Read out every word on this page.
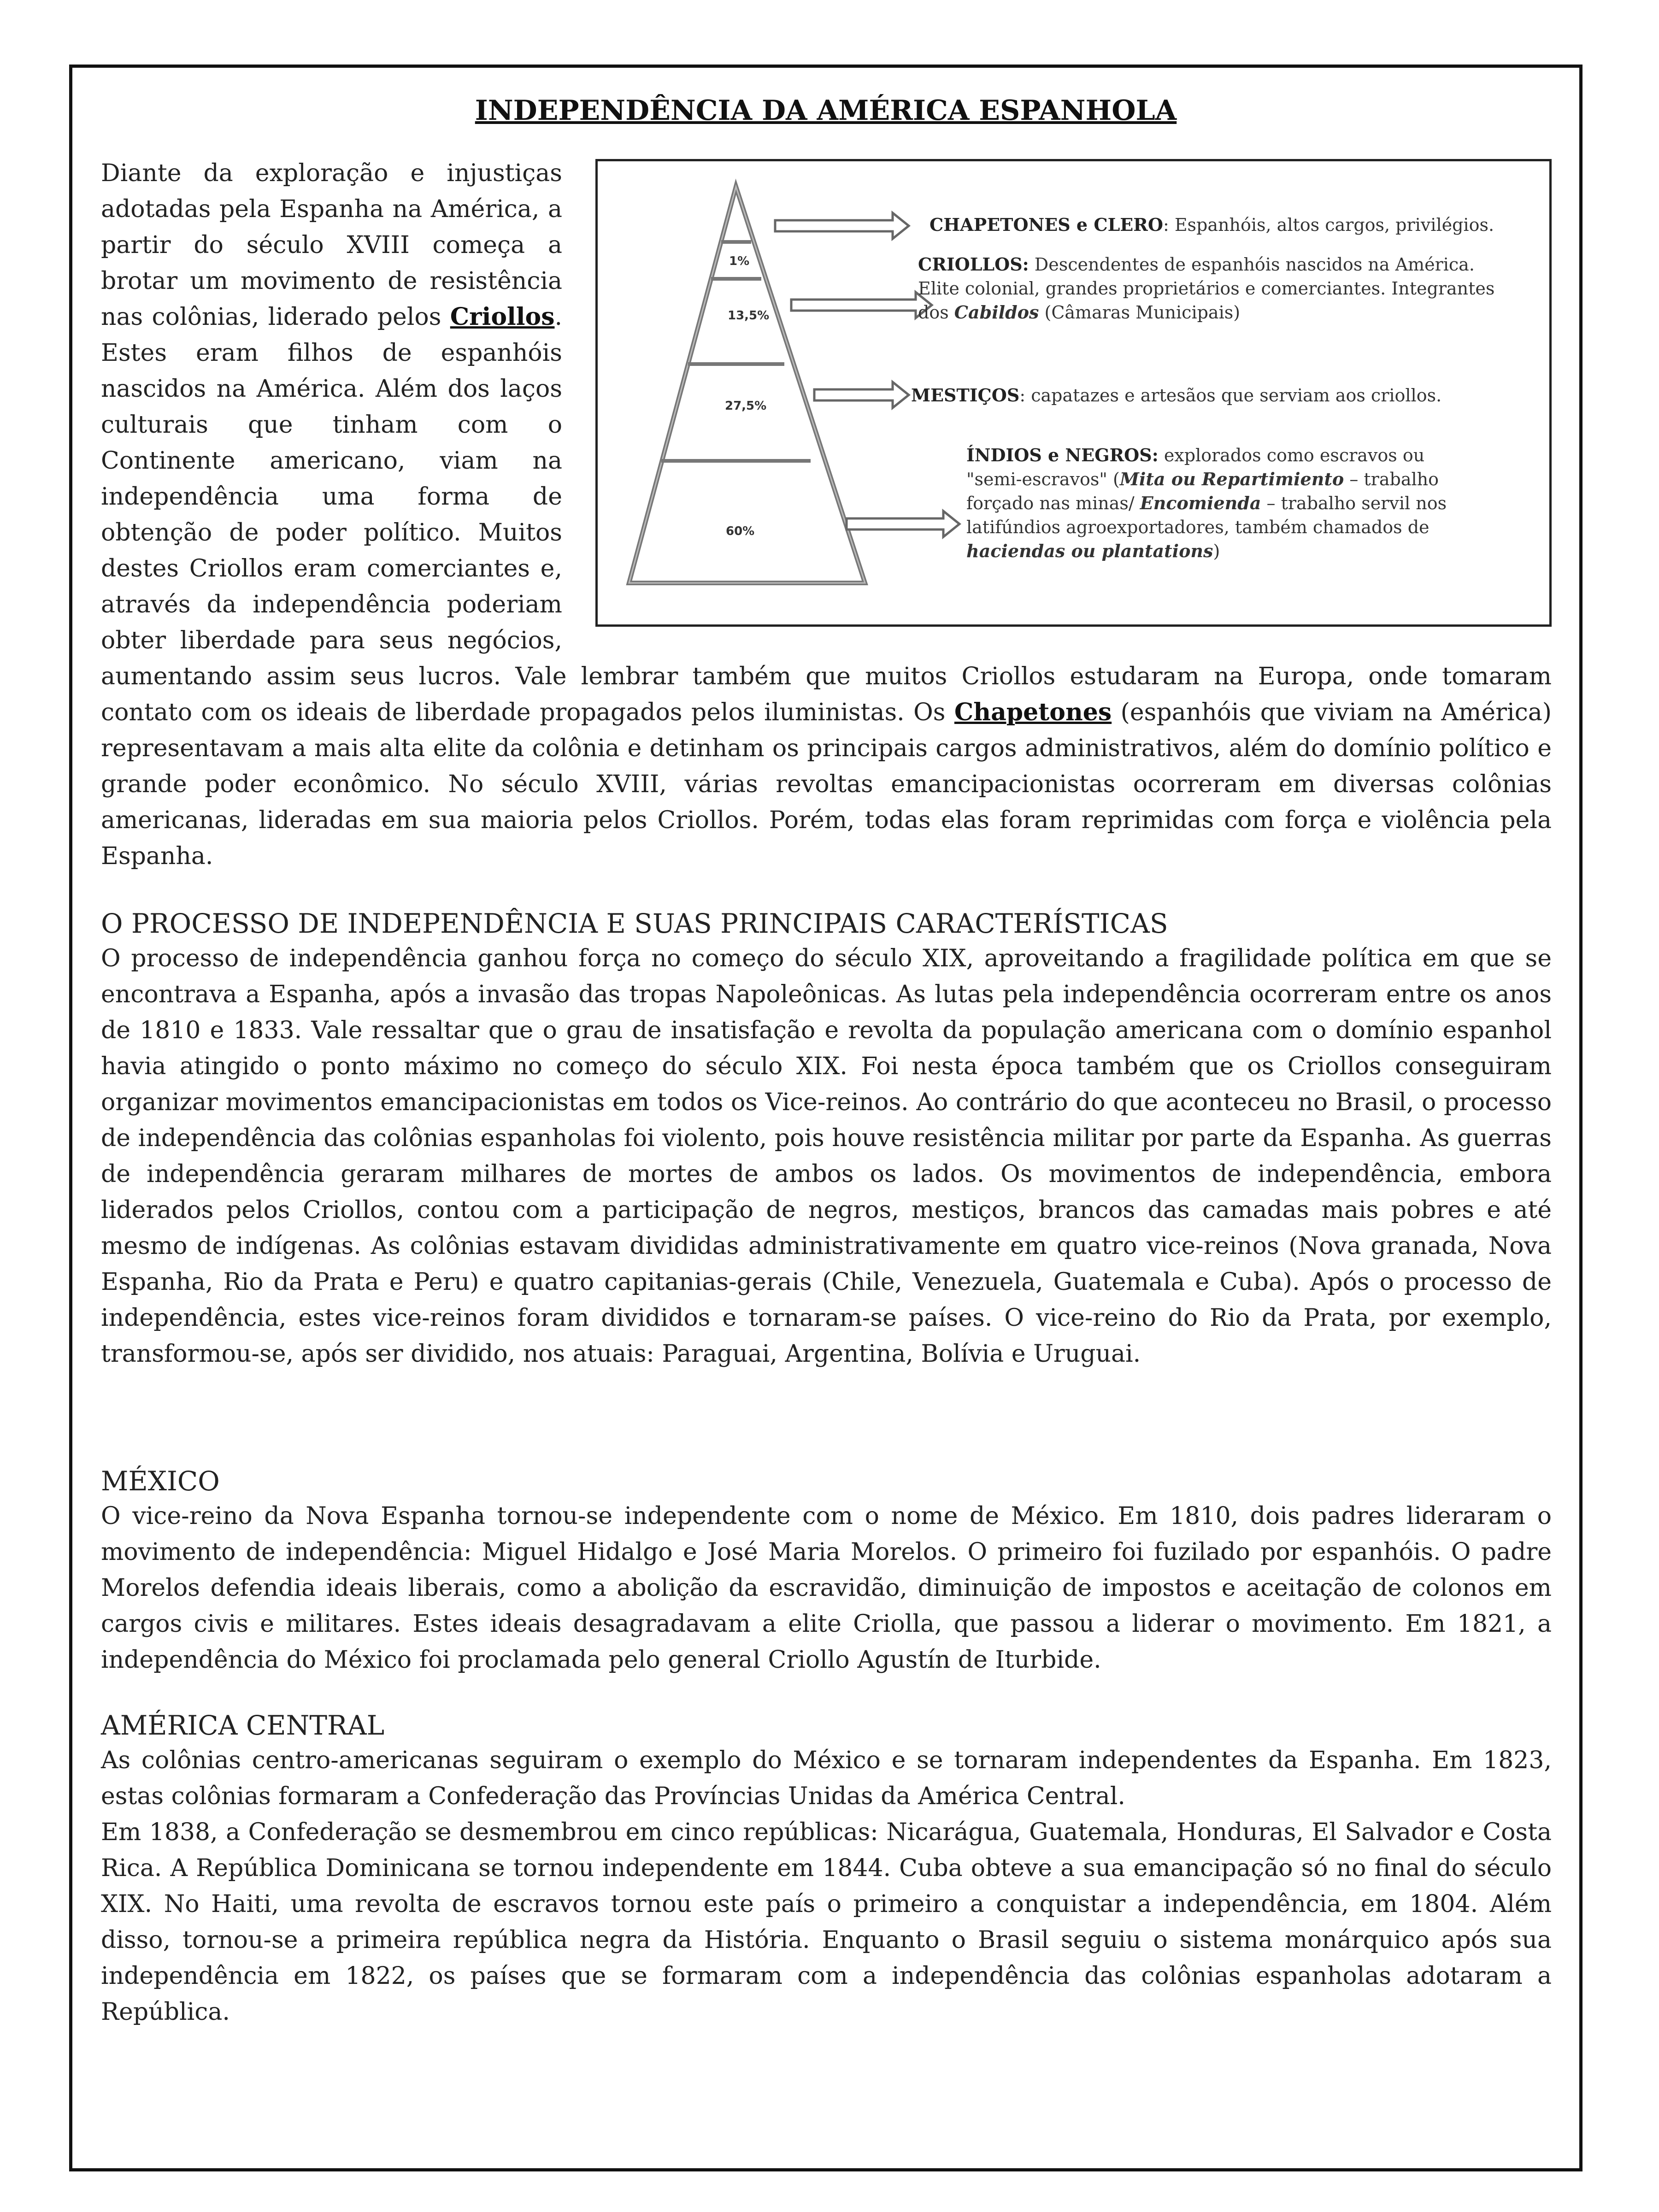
INDEPENDÊNCIA DA AMÉRICA ESPANHOLA
1%
13,5%
27,5%
60%
CHAPETONES e CLERO: Espanhóis, altos cargos, privilégios.
CRIOLLOS: Descendentes de espanhóis nascidos na América.
Elite colonial, grandes proprietários e comerciantes. Integrantes
dos Cabildos (Câmaras Municipais)
MESTIÇOS: capatazes e artesãos que serviam aos criollos.
ÍNDIOS e NEGROS: explorados como escravos ou
"semi-escravos" (Mita ou Repartimiento – trabalho
forçado nas minas/ Encomienda – trabalho servil nos
latifúndios agroexportadores, também chamados de
haciendas ou plantations)
Diante da exploração e injustiças adotadas pela Espanha na América, a partir do século XVIII começa a brotar um movimento de resistência nas colônias, liderado pelos Criollos. Estes eram filhos de espanhóis nascidos na América. Além dos laços culturais que tinham com o Continente americano, viam na independência uma forma de obtenção de poder político. Muitos destes Criollos eram comerciantes e, através da independência poderiam obter liberdade para seus negócios, aumentando assim seus lucros. Vale lembrar também que muitos Criollos estudaram na Europa, onde tomaram contato com os ideais de liberdade propagados pelos iluministas. Os Chapetones (espanhóis que viviam na América) representavam a mais alta elite da colônia e detinham os principais cargos administrativos, além do domínio político e grande poder econômico. No século XVIII, várias revoltas emancipacionistas ocorreram em diversas colônias americanas, lideradas em sua maioria pelos Criollos. Porém, todas elas foram reprimidas com força e violência pela Espanha.

O PROCESSO DE INDEPENDÊNCIA E SUAS PRINCIPAIS CARACTERÍSTICAS

O processo de independência ganhou força no começo do século XIX, aproveitando a fragilidade política em que se encontrava a Espanha, após a invasão das tropas Napoleônicas. As lutas pela independência ocorreram entre os anos de 1810 e 1833. Vale ressaltar que o grau de insatisfação e revolta da população americana com o domínio espanhol havia atingido o ponto máximo no começo do século XIX. Foi nesta época também que os Criollos conseguiram organizar movimentos emancipacionistas em todos os Vice-reinos. Ao contrário do que aconteceu no Brasil, o processo de independência das colônias espanholas foi violento, pois houve resistência militar por parte da Espanha. As guerras de independência geraram milhares de mortes de ambos os lados. Os movimentos de independência, embora liderados pelos Criollos, contou com a participação de negros, mestiços, brancos das camadas mais pobres e até mesmo de indígenas. As colônias estavam divididas administrativamente em quatro vice-reinos (Nova granada, Nova Espanha, Rio da Prata e Peru) e quatro capitanias-gerais (Chile, Venezuela, Guatemala e Cuba). Após o processo de independência, estes vice-reinos foram divididos e tornaram-se países. O vice-reino do Rio da Prata, por exemplo, transformou-se, após ser dividido, nos atuais: Paraguai, Argentina, Bolívia e Uruguai.

MÉXICO

O vice-reino da Nova Espanha tornou-se independente com o nome de México. Em 1810, dois padres lideraram o movimento de independência: Miguel Hidalgo e José Maria Morelos. O primeiro foi fuzilado por espanhóis. O padre Morelos defendia ideais liberais, como a abolição da escravidão, diminuição de impostos e aceitação de colonos em cargos civis e militares. Estes ideais desagradavam a elite Criolla, que passou a liderar o movimento. Em 1821, a independência do México foi proclamada pelo general Criollo Agustín de Iturbide.

AMÉRICA CENTRAL

As colônias centro-americanas seguiram o exemplo do México e se tornaram independentes da Espanha. Em 1823, estas colônias formaram a Confederação das Províncias Unidas da América Central.

Em 1838, a Confederação se desmembrou em cinco repúblicas: Nicarágua, Guatemala, Honduras, El Salvador e Costa Rica. A República Dominicana se tornou independente em 1844. Cuba obteve a sua emancipação só no final do século XIX. No Haiti, uma revolta de escravos tornou este país o primeiro a conquistar a independência, em 1804. Além disso, tornou-se a primeira república negra da História. Enquanto o Brasil seguiu o sistema monárquico após sua independência em 1822, os países que se formaram com a independência das colônias espanholas adotaram a República.
